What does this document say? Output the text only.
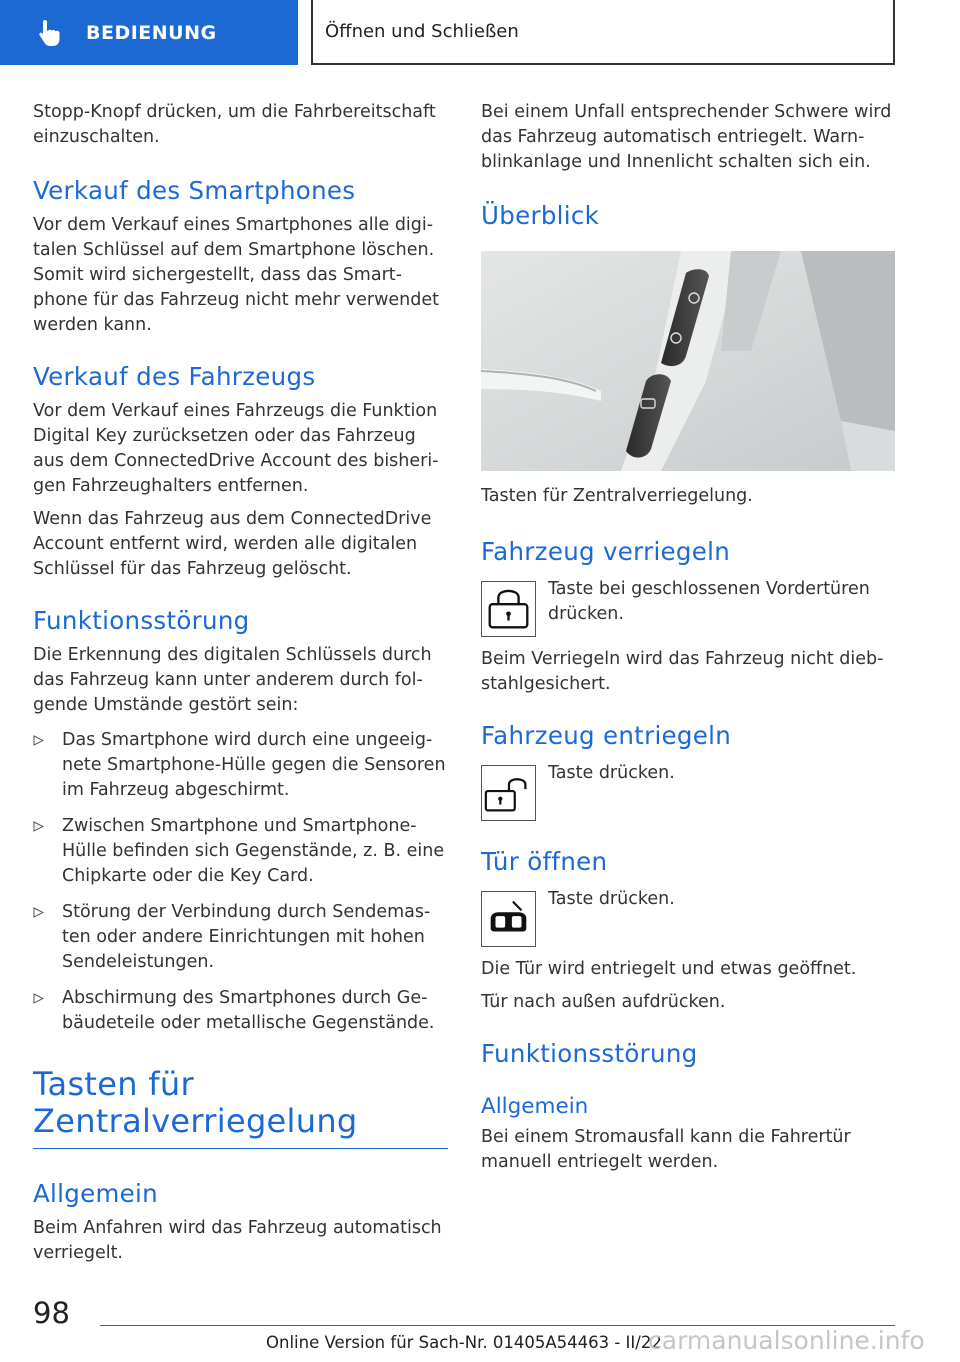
BEDIENUNG	Öffnen und Schließen

Stopp-Knopf drücken, um die Fahrbereitschaft einzuschalten.

Verkauf des Smartphones

Vor dem Verkauf eines Smartphones alle digitalen Schlüssel auf dem Smartphone löschen. Somit wird sichergestellt, dass das Smartphone für das Fahrzeug nicht mehr verwendet werden kann.

Verkauf des Fahrzeugs

Vor dem Verkauf eines Fahrzeugs die Funktion Digital Key zurücksetzen oder das Fahrzeug aus dem ConnectedDrive Account des bisherigen Fahrzeughalters entfernen.

Wenn das Fahrzeug aus dem ConnectedDrive Account entfernt wird, werden alle digitalen Schlüssel für das Fahrzeug gelöscht.

Funktionsstörung

Die Erkennung des digitalen Schlüssels durch das Fahrzeug kann unter anderem durch folgende Umstände gestört sein:

Das Smartphone wird durch eine ungeeignete Smartphone-Hülle gegen die Sensoren im Fahrzeug abgeschirmt.
Zwischen Smartphone und Smartphone-Hülle befinden sich Gegenstände, z. B. eine Chipkarte oder die Key Card.
Störung der Verbindung durch Sendemasten oder andere Einrichtungen mit hohen Sendeleistungen.
Abschirmung des Smartphones durch Gebäudeteile oder metallische Gegenstände.
Tasten für Zentralverriegelung
Allgemein

Beim Anfahren wird das Fahrzeug automatisch verriegelt.

Bei einem Unfall entsprechender Schwere wird das Fahrzeug automatisch entriegelt. Warnblinkanlage und Innenlicht schalten sich ein.

Überblick

Tasten für Zentralverriegelung.

Fahrzeug verriegeln

Taste bei geschlossenen Vordertüren drücken.

Beim Verriegeln wird das Fahrzeug nicht diebstahlgesichert.

Fahrzeug entriegeln

Taste drücken.

Tür öffnen

Taste drücken.

Die Tür wird entriegelt und etwas geöffnet.

Tür nach außen aufdrücken.

Funktionsstörung
Allgemein

Bei einem Stromausfall kann die Fahrertür manuell entriegelt werden.

98
Online Version für Sach-Nr. 01405A54463 - II/22
carmanualsonline.info
